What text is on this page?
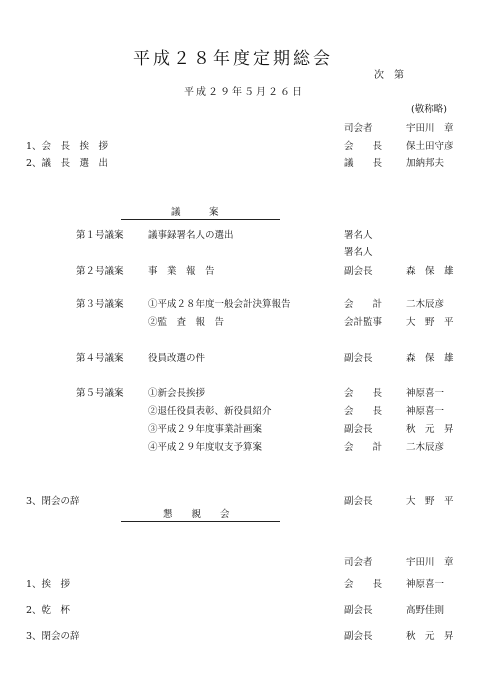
平成２８年度定期総会
次　第
平成２９年５月２６日
(敬称略)
司会者	宇田川　章
1、会　長　挨　拶	会　　長	保土田守彦
2、議　長　選　出	議　　長	加納邦夫
議　　　案
第１号議案	議事録署名人の選出	署名人
署名人
第２号議案	事　業　報　告	副会長	森　保　雄
第３号議案	①平成２８年度一般会計決算報告	会　　計	二木辰彦
②監　査　報　告	会計監事	大　野　平
第４号議案	役員改選の件	副会長	森　保　雄
第５号議案	①新会長挨拶	会　　長	神原喜一
②退任役員表彰、新役員紹介	会　　長	神原喜一
③平成２９年度事業計画案	副会長	秋　元　昇
④平成２９年度収支予算案	会　　計	二木辰彦
3、閉会の辞	副会長	大　野　平
懇　　親　　会
司会者	宇田川　章
1、挨　拶	会　　長	神原喜一
2、乾　杯	副会長	高野佳則
3、閉会の辞	副会長	秋　元　昇
